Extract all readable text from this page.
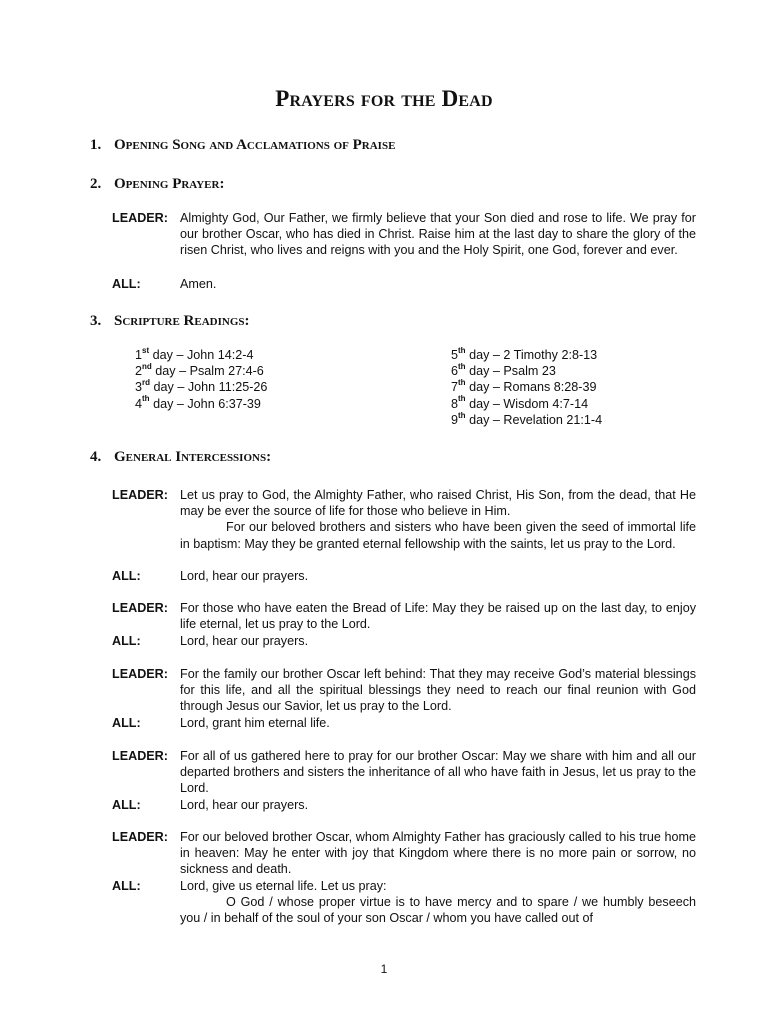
Prayers for the Dead
1. Opening Song and Acclamations of Praise
2. Opening Prayer:
LEADER: Almighty God, Our Father, we firmly believe that your Son died and rose to life. We pray for our brother Oscar, who has died in Christ. Raise him at the last day to share the glory of the risen Christ, who lives and reigns with you and the Holy Spirit, one God, forever and ever.
ALL:	Amen.
3. Scripture Readings:
1st day – John 14:2-4
2nd day – Psalm 27:4-6
3rd day – John 11:25-26
4th day – John 6:37-39
5th day – 2 Timothy 2:8-13
6th day – Psalm 23
7th day – Romans 8:28-39
8th day – Wisdom 4:7-14
9th day – Revelation 21:1-4
4. General Intercessions:
LEADER: Let us pray to God, the Almighty Father, who raised Christ, His Son, from the dead, that He may be ever the source of life for those who believe in Him.
For our beloved brothers and sisters who have been given the seed of immortal life in baptism: May they be granted eternal fellowship with the saints, let us pray to the Lord.
ALL:	Lord, hear our prayers.
LEADER: For those who have eaten the Bread of Life: May they be raised up on the last day, to enjoy life eternal, let us pray to the Lord.
ALL:	Lord, hear our prayers.
LEADER: For the family our brother Oscar left behind: That they may receive God’s material blessings for this life, and all the spiritual blessings they need to reach our final reunion with God through Jesus our Savior, let us pray to the Lord.
ALL:	Lord, grant him eternal life.
LEADER: For all of us gathered here to pray for our brother Oscar: May we share with him and all our departed brothers and sisters the inheritance of all who have faith in Jesus, let us pray to the Lord.
ALL:	Lord, hear our prayers.
LEADER: For our beloved brother Oscar, whom Almighty Father has graciously called to his true home in heaven: May he enter with joy that Kingdom where there is no more pain or sorrow, no sickness and death.
ALL:	Lord, give us eternal life. Let us pray:
O God / whose proper virtue is to have mercy and to spare / we humbly beseech you / in behalf of the soul of your son Oscar / whom you have called out of
1
